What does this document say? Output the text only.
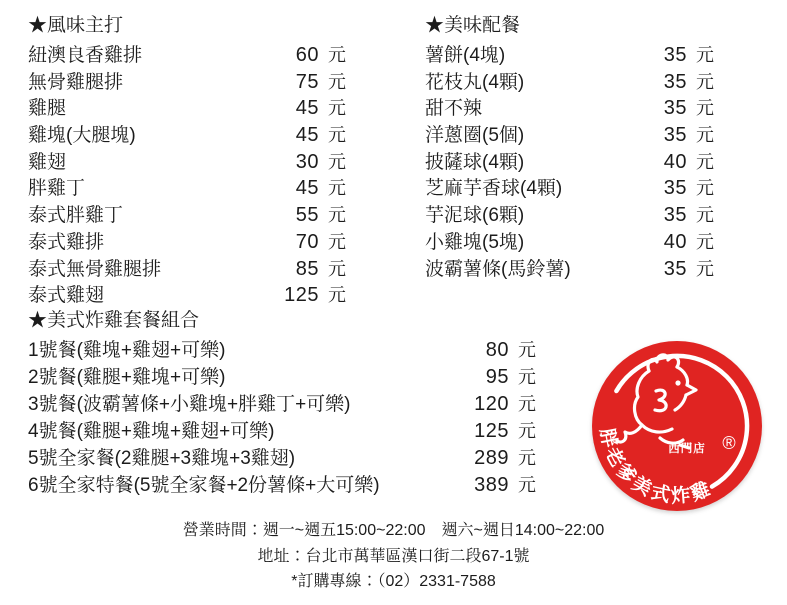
★風味主打
紐澳良香雞排	60 元
無骨雞腿排	75 元
雞腿	45 元
雞塊(大腿塊)	45 元
雞翅	30 元
胖雞丁	45 元
泰式胖雞丁	55 元
泰式雞排	70 元
泰式無骨雞腿排	85 元
泰式雞翅	125 元
★美味配餐
薯餅(4塊)	35 元
花枝丸(4顆)	35 元
甜不辣	35 元
洋蔥圈(5個)	35 元
披薩球(4顆)	40 元
芝麻芋香球(4顆)	35 元
芋泥球(6顆)	35 元
小雞塊(5塊)	40 元
波霸薯條(馬鈴薯)	35 元
★美式炸雞套餐組合
1號餐(雞塊+雞翅+可樂)	80 元
2號餐(雞腿+雞塊+可樂)	95 元
3號餐(波霸薯條+小雞塊+胖雞丁+可樂)	120 元
4號餐(雞腿+雞塊+雞翅+可樂)	125 元
5號全家餐(2雞腿+3雞塊+3雞翅)	289 元
6號全家特餐(5號全家餐+2份薯條+大可樂)	389 元
西門店 ®
胖老爹美式炸雞
營業時間：週一~週五15:00~22:00　週六~週日14:00~22:00
地址：台北市萬華區漢口街二段67-1號
*訂購專線：（02）2331-7588
